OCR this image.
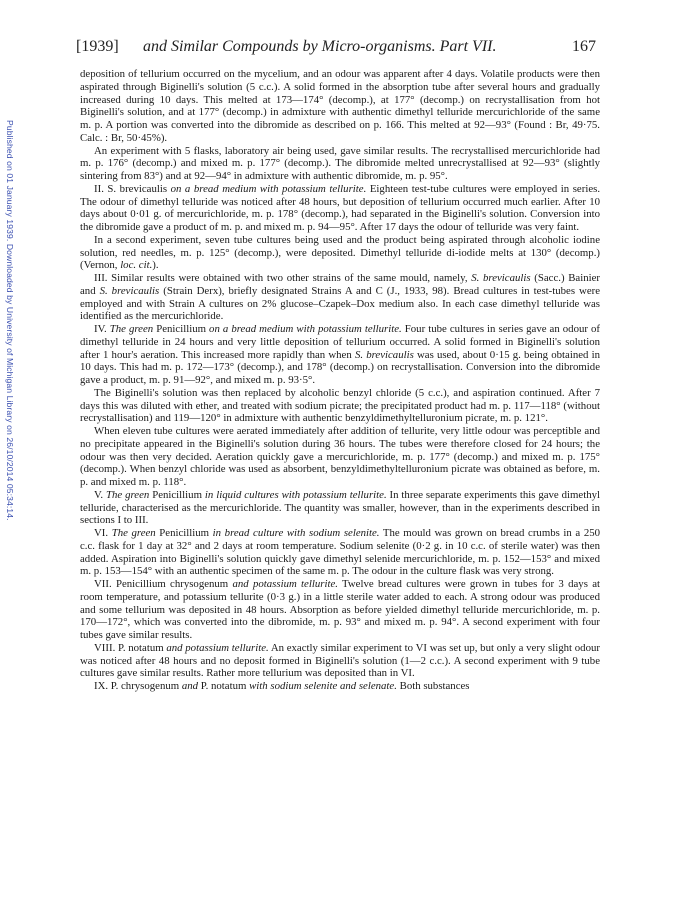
Published on 01 January 1939. Downloaded by University of Michigan Library on 26/10/2014 05:34:14.
[1939] and Similar Compounds by Micro-organisms. Part VII.	167

deposition of tellurium occurred on the mycelium, and an odour was apparent after 4 days. Volatile products were then aspirated through Biginelli's solution (5 c.c.). A solid formed in the absorption tube after several hours and gradually increased during 10 days. This melted at 173—174° (decomp.), at 177° (decomp.) on recrystallisation from hot Biginelli's solution, and at 177° (decomp.) in admixture with authentic dimethyl telluride mercurichloride of the same m. p. A portion was converted into the dibromide as described on p. 166. This melted at 92—93° (Found : Br, 49·75. Calc. : Br, 50·45%).

An experiment with 5 flasks, laboratory air being used, gave similar results. The recrystallised mercurichloride had m. p. 176° (decomp.) and mixed m. p. 177° (decomp.). The dibromide melted unrecrystallised at 92—93° (slightly sintering from 83°) and at 92—94° in admixture with authentic dibromide, m. p. 95°.

II. S. brevicaulis on a bread medium with potassium tellurite. Eighteen test-tube cultures were employed in series. The odour of dimethyl telluride was noticed after 48 hours, but deposition of tellurium occurred much earlier. After 10 days about 0·01 g. of mercurichloride, m. p. 178° (decomp.), had separated in the Biginelli's solution. Conversion into the dibromide gave a product of m. p. and mixed m. p. 94—95°. After 17 days the odour of telluride was very faint.

In a second experiment, seven tube cultures being used and the product being aspirated through alcoholic iodine solution, red needles, m. p. 125° (decomp.), were deposited. Dimethyl telluride di-iodide melts at 130° (decomp.) (Vernon, loc. cit.).

III. Similar results were obtained with two other strains of the same mould, namely, S. brevicaulis (Sacc.) Bainier and S. brevicaulis (Strain Derx), briefly designated Strains A and C (J., 1933, 98). Bread cultures in test-tubes were employed and with Strain A cultures on 2% glucose–Czapek–Dox medium also. In each case dimethyl telluride was identified as the mercurichloride.

IV. The green Penicillium on a bread medium with potassium tellurite. Four tube cultures in series gave an odour of dimethyl telluride in 24 hours and very little deposition of tellurium occurred. A solid formed in Biginelli's solution after 1 hour's aeration. This increased more rapidly than when S. brevicaulis was used, about 0·15 g. being obtained in 10 days. This had m. p. 172—173° (decomp.), and 178° (decomp.) on recrystallisation. Conversion into the dibromide gave a product, m. p. 91—92°, and mixed m. p. 93·5°.

The Biginelli's solution was then replaced by alcoholic benzyl chloride (5 c.c.), and aspiration continued. After 7 days this was diluted with ether, and treated with sodium picrate; the precipitated product had m. p. 117—118° (without recrystallisation) and 119—120° in admixture with authentic benzyldimethyltelluronium picrate, m. p. 121°.

When eleven tube cultures were aerated immediately after addition of tellurite, very little odour was perceptible and no precipitate appeared in the Biginelli's solution during 36 hours. The tubes were therefore closed for 24 hours; the odour was then very decided. Aeration quickly gave a mercurichloride, m. p. 177° (decomp.) and mixed m. p. 175° (decomp.). When benzyl chloride was used as absorbent, benzyldimethyltelluronium picrate was obtained as before, m. p. and mixed m. p. 118°.

V. The green Penicillium in liquid cultures with potassium tellurite. In three separate experiments this gave dimethyl telluride, characterised as the mercurichloride. The quantity was smaller, however, than in the experiments described in sections I to III.

VI. The green Penicillium in bread culture with sodium selenite. The mould was grown on bread crumbs in a 250 c.c. flask for 1 day at 32° and 2 days at room temperature. Sodium selenite (0·2 g. in 10 c.c. of sterile water) was then added. Aspiration into Biginelli's solution quickly gave dimethyl selenide mercurichloride, m. p. 152—153° and mixed m. p. 153—154° with an authentic specimen of the same m. p. The odour in the culture flask was very strong.

VII. Penicillium chrysogenum and potassium tellurite. Twelve bread cultures were grown in tubes for 3 days at room temperature, and potassium tellurite (0·3 g.) in a little sterile water added to each. A strong odour was produced and some tellurium was deposited in 48 hours. Absorption as before yielded dimethyl telluride mercurichloride, m. p. 170—172°, which was converted into the dibromide, m. p. 93° and mixed m. p. 94°. A second experiment with four tubes gave similar results.

VIII. P. notatum and potassium tellurite. An exactly similar experiment to VI was set up, but only a very slight odour was noticed after 48 hours and no deposit formed in Biginelli's solution (1—2 c.c.). A second experiment with 9 tube cultures gave similar results. Rather more tellurium was deposited than in VI.

IX. P. chrysogenum and P. notatum with sodium selenite and selenate. Both substances
